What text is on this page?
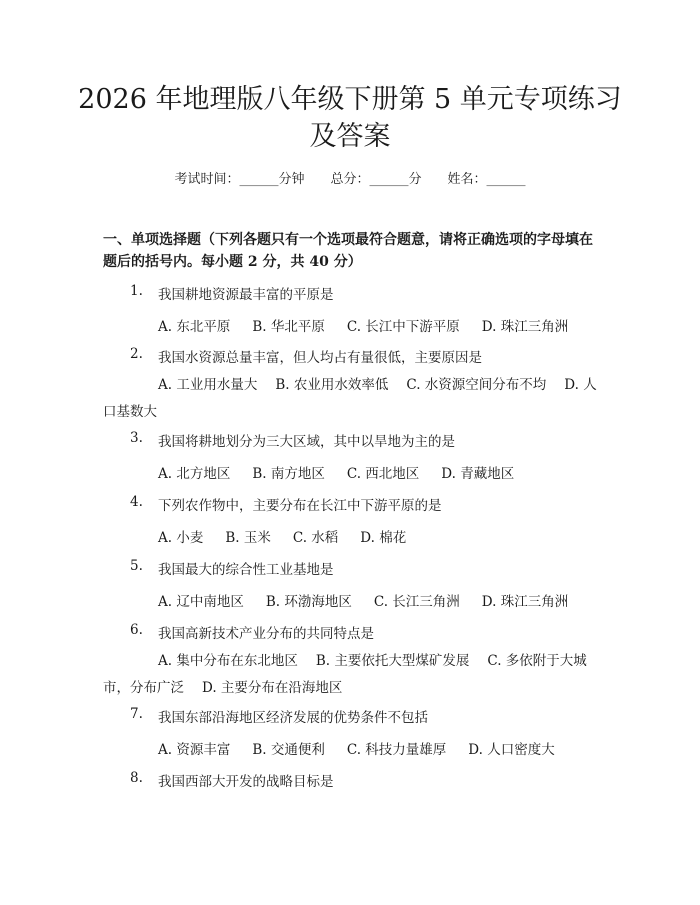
2026 年地理版八年级下册第 5 单元专项练习
及答案
考试时间：______分钟 总分：______分 姓名：______
一、单项选择题（下列各题只有一个选项最符合题意，请将正确选项的字母填在题后的括号内。每小题 2 分，共 40 分）
1. 我国耕地资源最丰富的平原是
A. 东北平原 B. 华北平原 C. 长江中下游平原 D. 珠江三角洲
2. 我国水资源总量丰富，但人均占有量很低，主要原因是
A. 工业用水量大 B. 农业用水效率低 C. 水资源空间分布不均 D. 人口基数大
3. 我国将耕地划分为三大区域，其中以旱地为主的是
A. 北方地区 B. 南方地区 C. 西北地区 D. 青藏地区
4. 下列农作物中，主要分布在长江中下游平原的是
A. 小麦 B. 玉米 C. 水稻 D. 棉花
5. 我国最大的综合性工业基地是
A. 辽中南地区 B. 环渤海地区 C. 长江三角洲 D. 珠江三角洲
6. 我国高新技术产业分布的共同特点是
A. 集中分布在东北地区 B. 主要依托大型煤矿发展 C. 多依附于大城市，分布广泛 D. 主要分布在沿海地区
7. 我国东部沿海地区经济发展的优势条件不包括
A. 资源丰富 B. 交通便利 C. 科技力量雄厚 D. 人口密度大
8. 我国西部大开发的战略目标是
